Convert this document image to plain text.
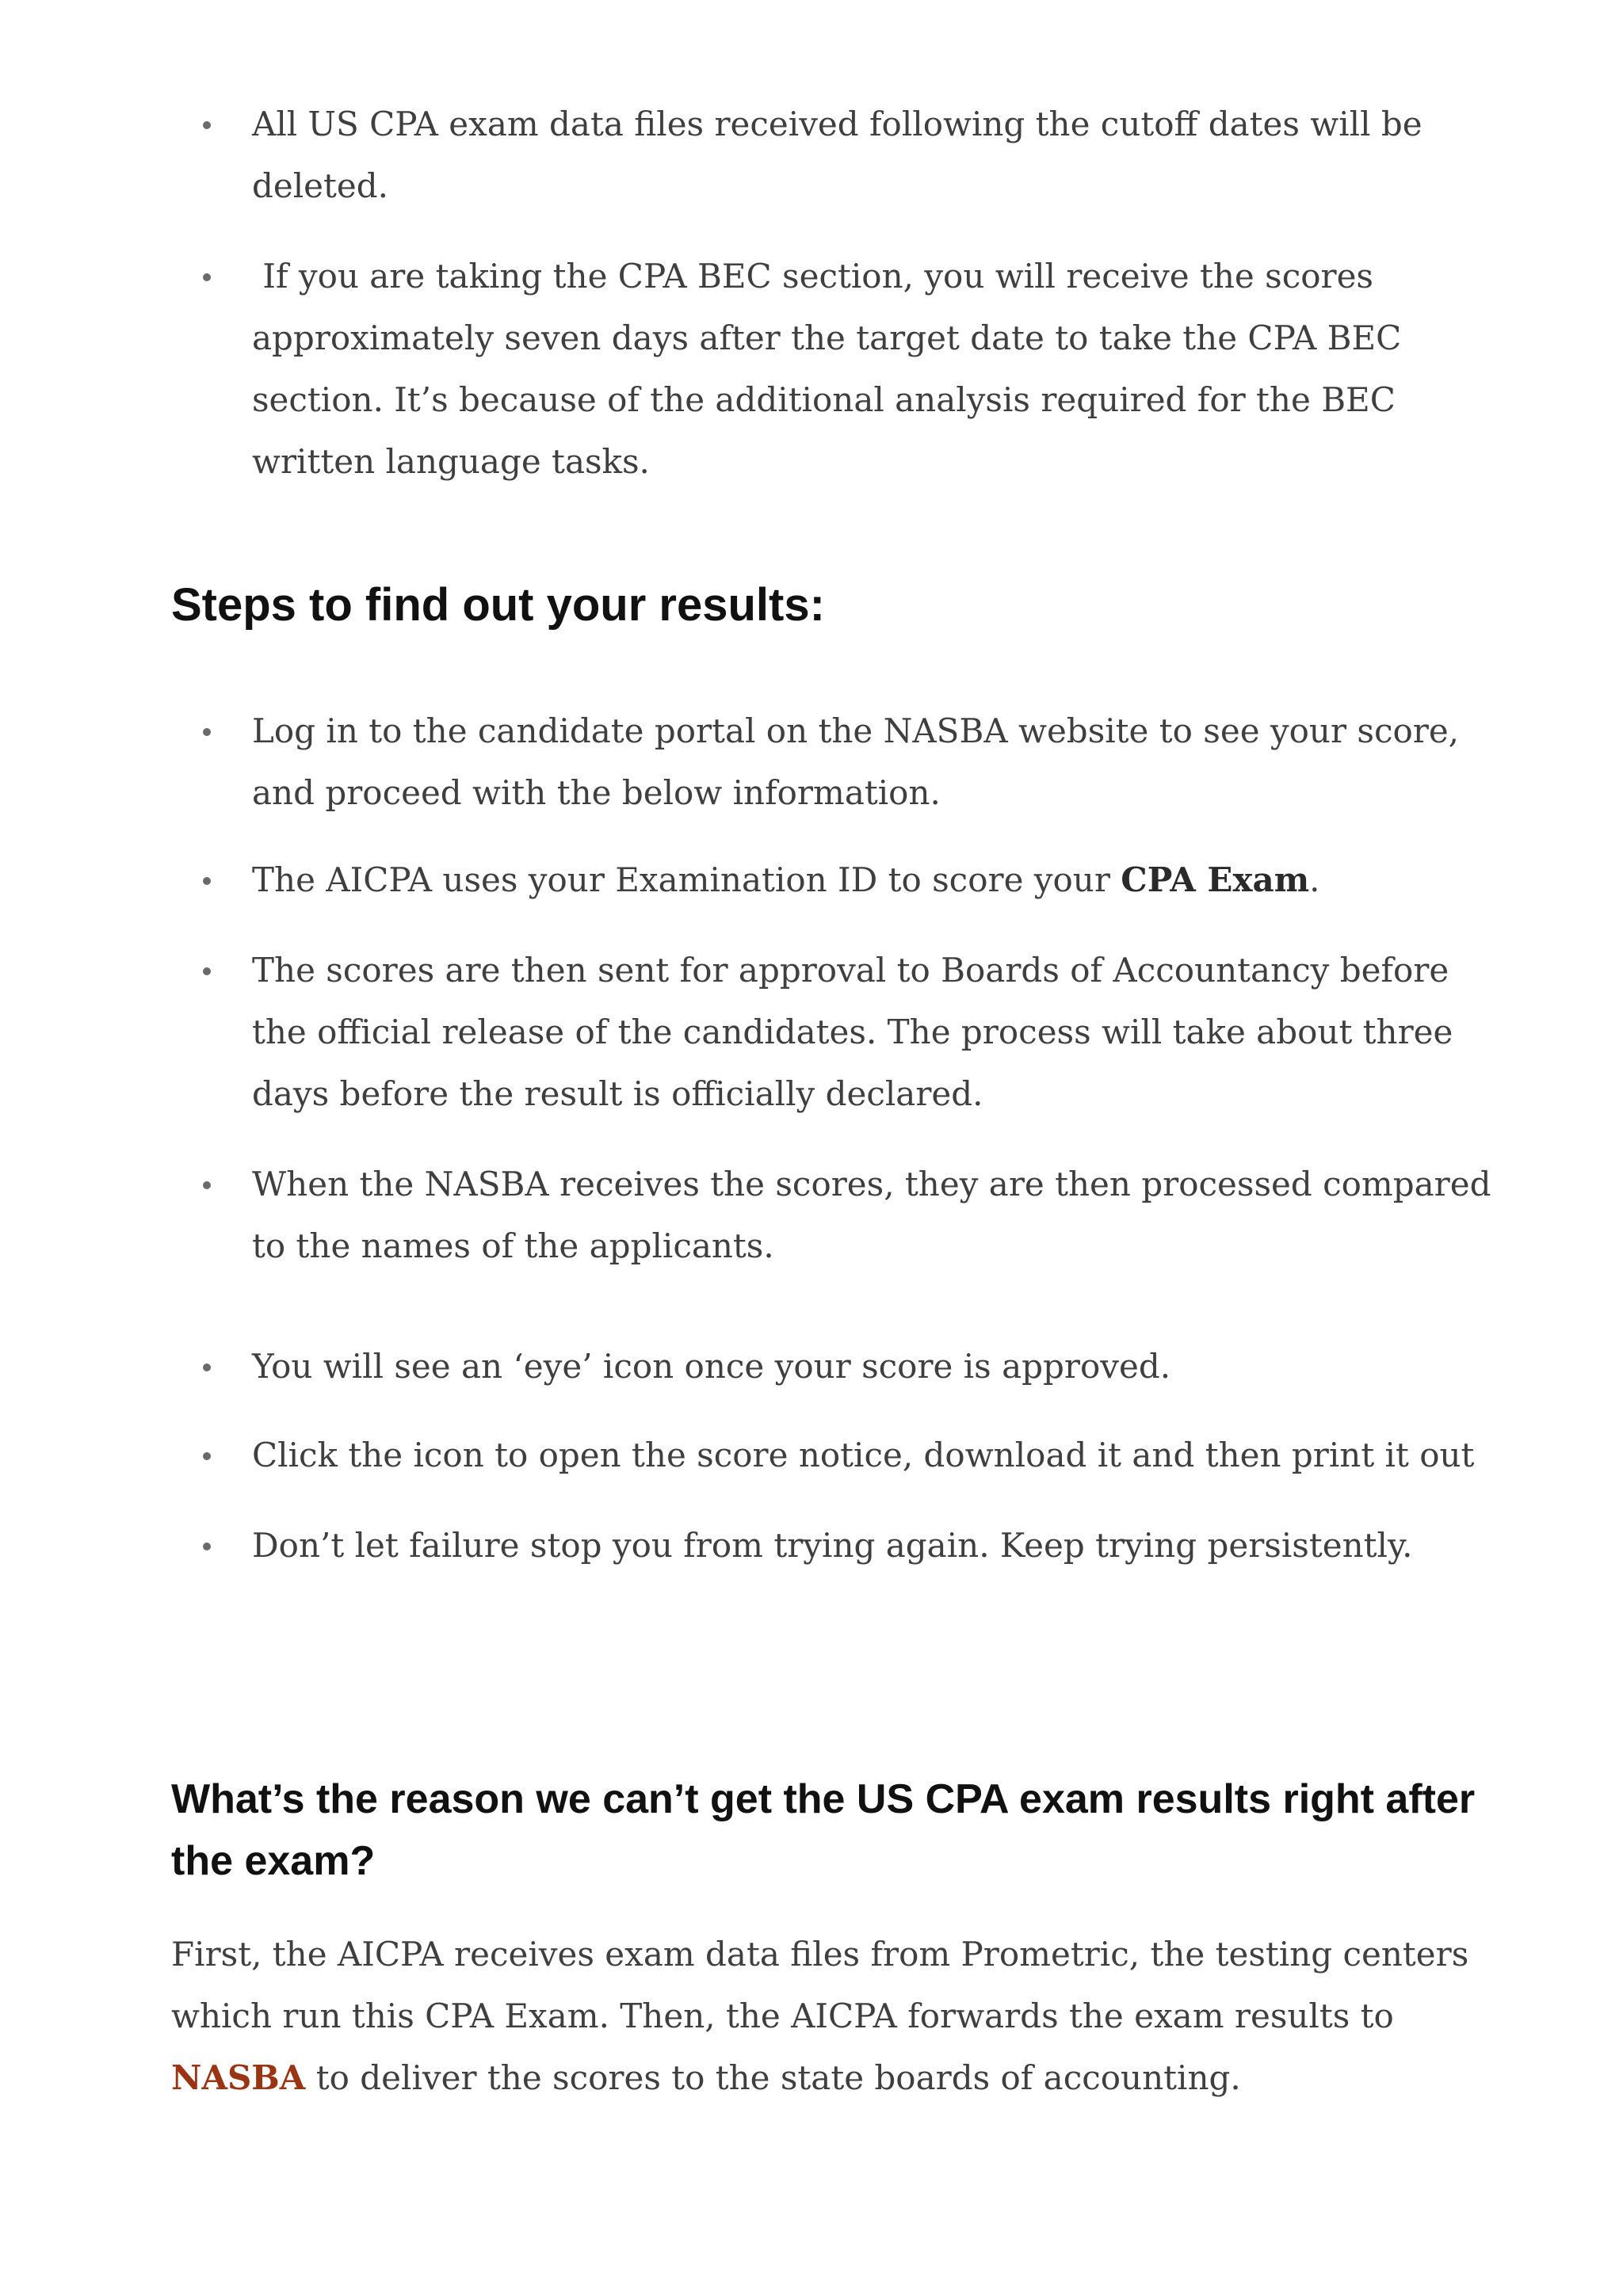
All US CPA exam data files received following the cutoff dates will be deleted.
If you are taking the CPA BEC section, you will receive the scores approximately seven days after the target date to take the CPA BEC section. It’s because of the additional analysis required for the BEC written language tasks.
Steps to find out your results:
Log in to the candidate portal on the NASBA website to see your score, and proceed with the below information.
The AICPA uses your Examination ID to score your CPA Exam.
The scores are then sent for approval to Boards of Accountancy before the official release of the candidates. The process will take about three days before the result is officially declared.
When the NASBA receives the scores, they are then processed compared to the names of the applicants.
You will see an ‘eye’ icon once your score is approved.
Click the icon to open the score notice, download it and then print it out
Don’t let failure stop you from trying again. Keep trying persistently.
What’s the reason we can’t get the US CPA exam results right after the exam?

First, the AICPA receives exam data files from Prometric, the testing centers which run this CPA Exam. Then, the AICPA forwards the exam results to NASBA to deliver the scores to the state boards of accounting.
